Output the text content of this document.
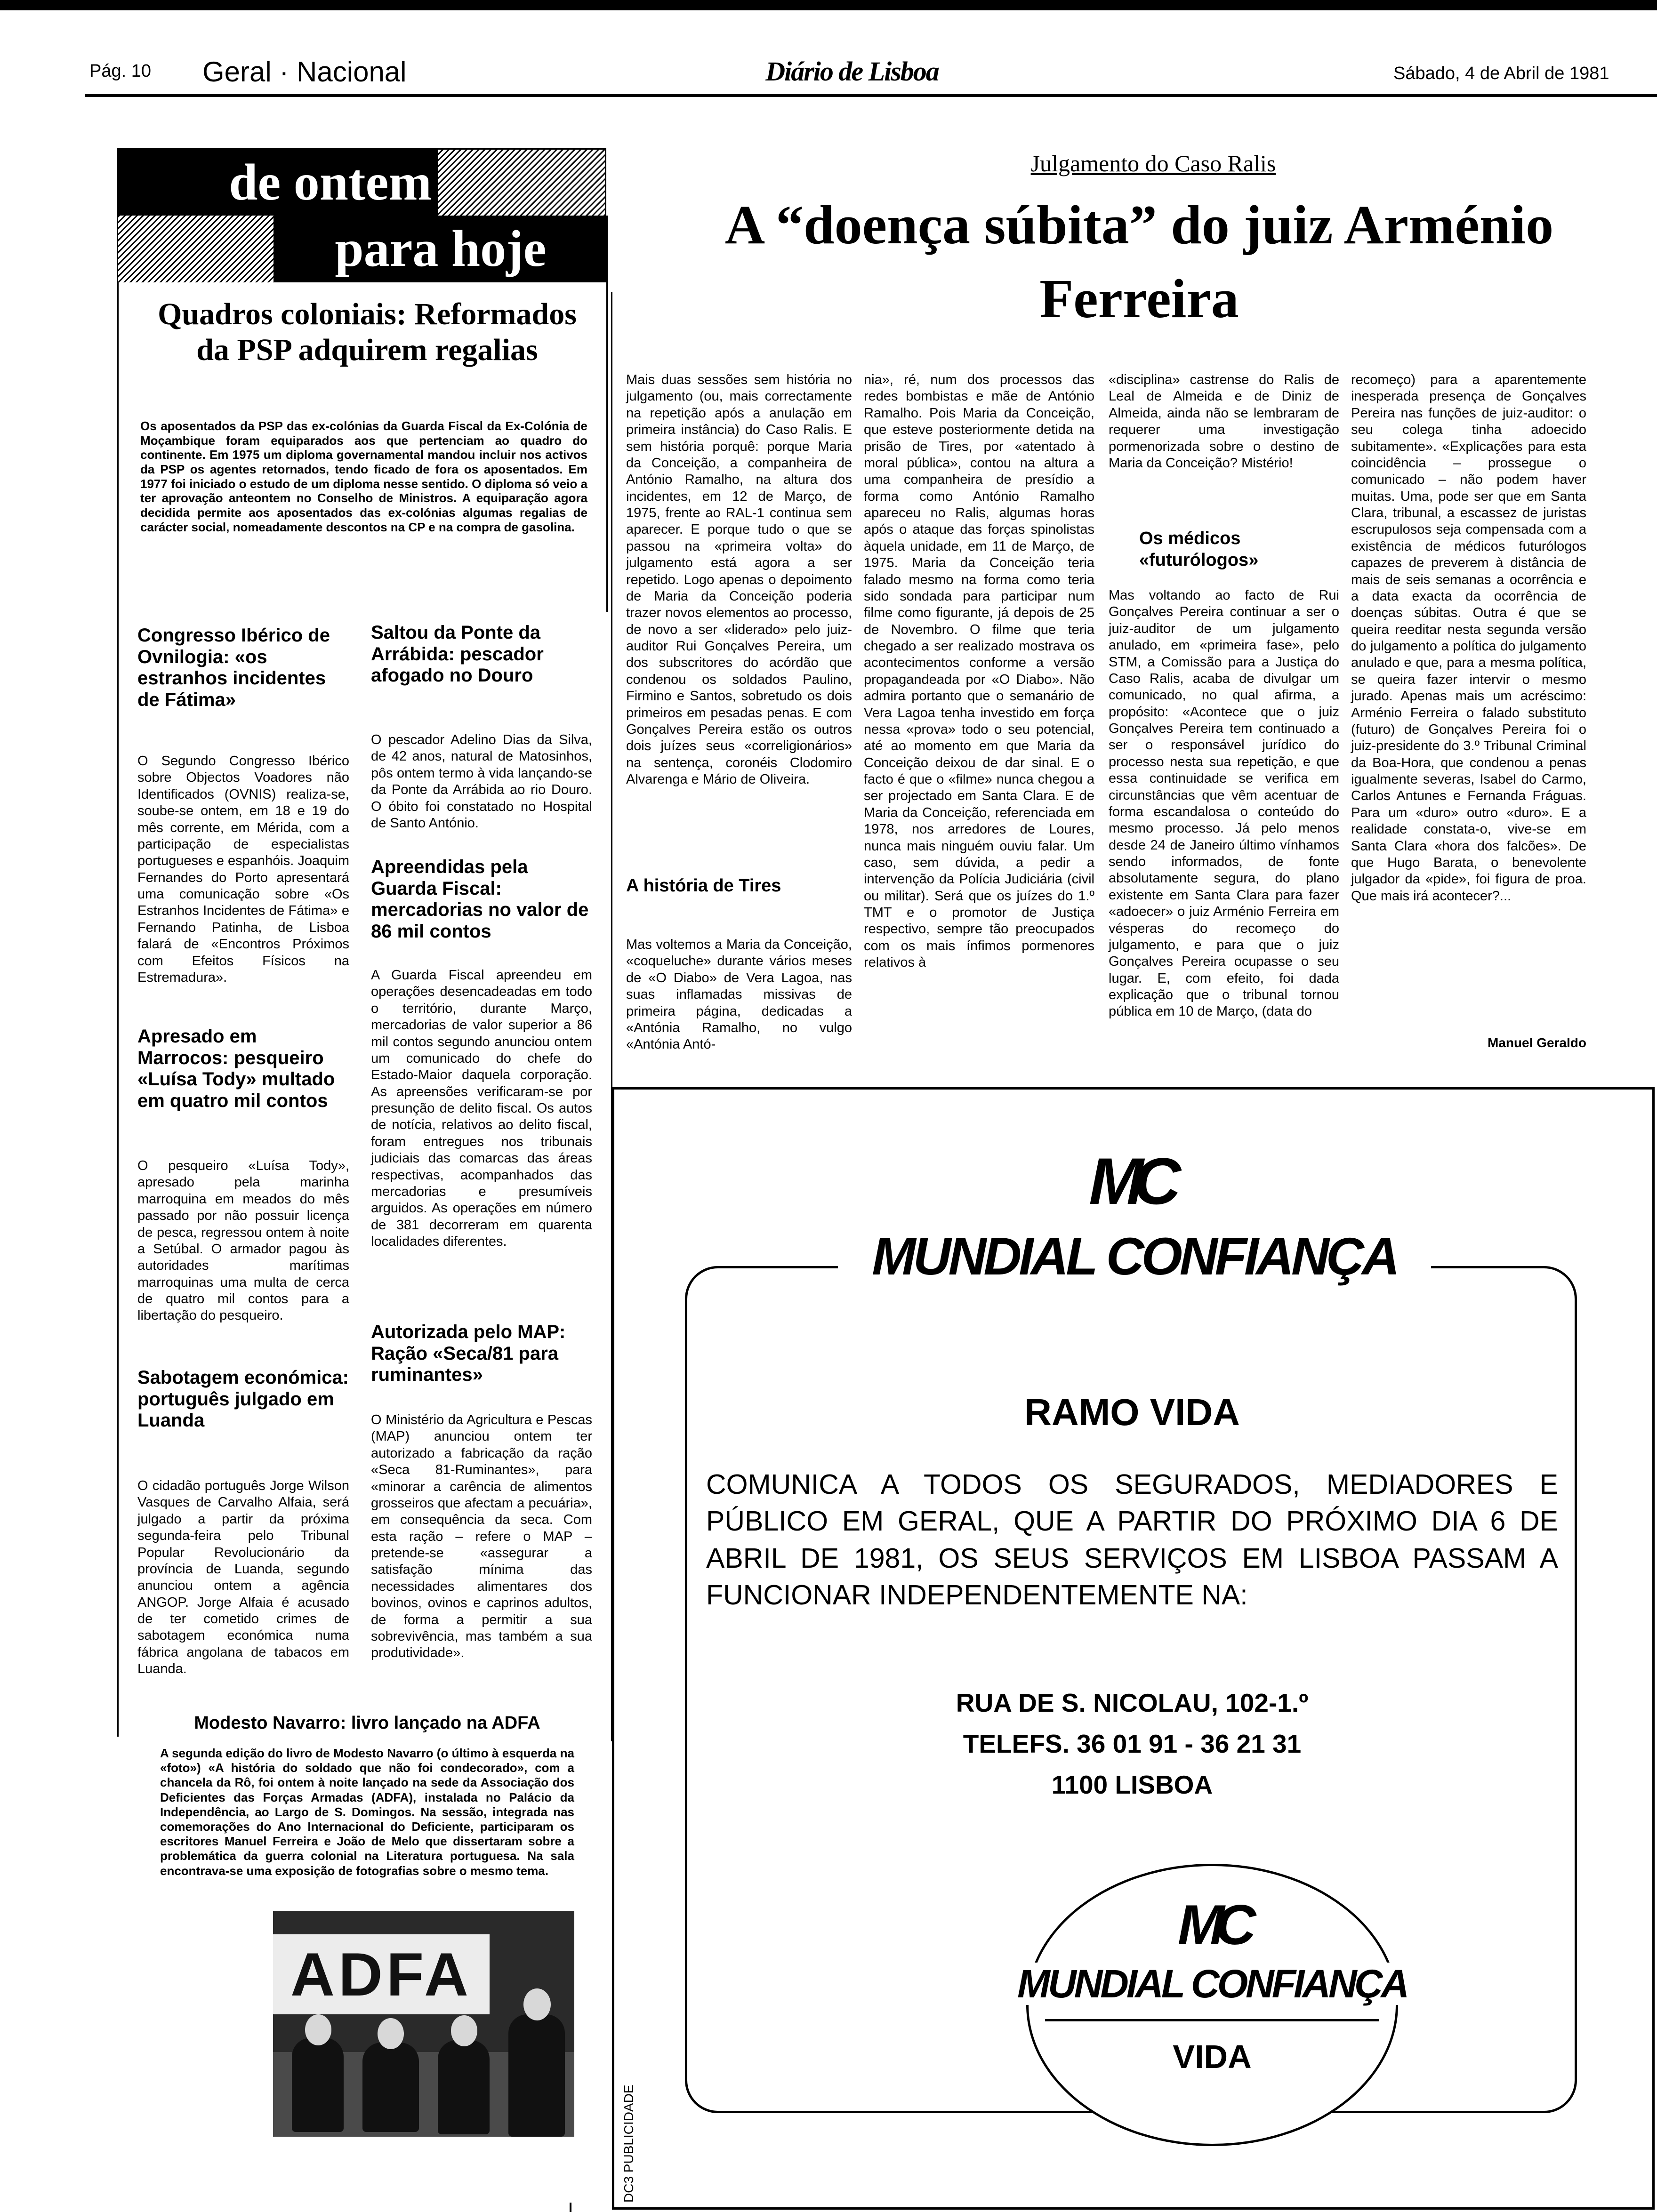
Pág. 10 Geral · Nacional	Diário de Lisboa	Sábado, 4 de Abril de 1981
de ontem
para hoje
Quadros coloniais: Reformados da PSP adquirem regalias
Os aposentados da PSP das ex-colónias da Guarda Fiscal da Ex-Colónia de Moçambique foram equiparados aos que pertenciam ao quadro do continente. Em 1975 um diploma governamental mandou incluir nos activos da PSP os agentes retornados, tendo ficado de fora os aposentados. Em 1977 foi iniciado o estudo de um diploma nesse sentido. O diploma só veio a ter aprovação anteontem no Conselho de Ministros. A equiparação agora decidida permite aos aposentados das ex-colónias algumas regalias de carácter social, nomeadamente descontos na CP e na compra de gasolina.
Congresso Ibérico de Ovnilogia: «os estranhos incidentes de Fátima»
O Segundo Congresso Ibérico sobre Objectos Voadores não Identificados (OVNIS) realiza-se, soube-se ontem, em 18 e 19 do mês corrente, em Mérida, com a participação de especialistas portugueses e espanhóis. Joaquim Fernandes do Porto apresentará uma comunicação sobre «Os Estranhos Incidentes de Fátima» e Fernando Patinha, de Lisboa falará de «Encontros Próximos com Efeitos Físicos na Estremadura».
Apresado em Marrocos: pesqueiro «Luísa Tody» multado em quatro mil contos
O pesqueiro «Luísa Tody», apresado pela marinha marroquina em meados do mês passado por não possuir licença de pesca, regressou ontem à noite a Setúbal. O armador pagou às autoridades marítimas marroquinas uma multa de cerca de quatro mil contos para a libertação do pesqueiro.
Sabotagem económica: português julgado em Luanda
O cidadão português Jorge Wilson Vasques de Carvalho Alfaia, será julgado a partir da próxima segunda-feira pelo Tribunal Popular Revolucionário da província de Luanda, segundo anunciou ontem a agência ANGOP. Jorge Alfaia é acusado de ter cometido crimes de sabotagem económica numa fábrica angolana de tabacos em Luanda.
Saltou da Ponte da Arrábida: pescador afogado no Douro
O pescador Adelino Dias da Silva, de 42 anos, natural de Matosinhos, pôs ontem termo à vida lançando-se da Ponte da Arrábida ao rio Douro. O óbito foi constatado no Hospital de Santo António.
Apreendidas pela Guarda Fiscal: mercadorias no valor de 86 mil contos
A Guarda Fiscal apreendeu em operações desencadeadas em todo o território, durante Março, mercadorias de valor superior a 86 mil contos segundo anunciou ontem um comunicado do chefe do Estado-Maior daquela corporação. As apreensões verificaram-se por presunção de delito fiscal. Os autos de notícia, relativos ao delito fiscal, foram entregues nos tribunais judiciais das comarcas das áreas respectivas, acompanhados das mercadorias e presumíveis arguidos. As operações em número de 381 decorreram em quarenta localidades diferentes.
Autorizada pelo MAP: Ração «Seca/81 para ruminantes»
O Ministério da Agricultura e Pescas (MAP) anunciou ontem ter autorizado a fabricação da ração «Seca 81-Ruminantes», para «minorar a carência de alimentos grosseiros que afectam a pecuária», em consequência da seca. Com esta ração – refere o MAP – pretende-se «assegurar a satisfação mínima das necessidades alimentares dos bovinos, ovinos e caprinos adultos, de forma a permitir a sua sobrevivência, mas também a sua produtividade».
Modesto Navarro: livro lançado na ADFA
A segunda edição do livro de Modesto Navarro (o último à esquerda na «foto») «A história do soldado que não foi condecorado», com a chancela da Rô, foi ontem à noite lançado na sede da Associação dos Deficientes das Forças Armadas (ADFA), instalada no Palácio da Independência, ao Largo de S. Domingos. Na sessão, integrada nas comemorações do Ano Internacional do Deficiente, participaram os escritores Manuel Ferreira e João de Melo que dissertaram sobre a problemática da guerra colonial na Literatura portuguesa. Na sala encontrava-se uma exposição de fotografias sobre o mesmo tema.
ADFA
Julgamento do Caso Ralis
A “doença súbita” do juiz Arménio Ferreira
Mais duas sessões sem história no julgamento (ou, mais correctamente na repetição após a anulação em primeira instância) do Caso Ralis. E sem história porquê: porque Maria da Conceição, a companheira de António Ramalho, na altura dos incidentes, em 12 de Março, de 1975, frente ao RAL-1 continua sem aparecer. E porque tudo o que se passou na «primeira volta» do julgamento está agora a ser repetido. Logo apenas o depoimento de Maria da Conceição poderia trazer novos elementos ao processo, de novo a ser «liderado» pelo juiz-auditor Rui Gonçalves Pereira, um dos subscritores do acórdão que condenou os soldados Paulino, Firmino e Santos, sobretudo os dois primeiros em pesadas penas. E com Gonçalves Pereira estão os outros dois juízes seus «correligionários» na sentença, coronéis Clodomiro Alvarenga e Mário de Oliveira.
A história de Tires
Mas voltemos a Maria da Conceição, «coqueluche» durante vários meses de «O Diabo» de Vera Lagoa, nas suas inflamadas missivas de primeira página, dedicadas a «Antónia Ramalho, no vulgo «Antónia Antó-
nia», ré, num dos processos das redes bombistas e mãe de António Ramalho. Pois Maria da Conceição, que esteve posteriormente detida na prisão de Tires, por «atentado à moral pública», contou na altura a uma companheira de presídio a forma como António Ramalho apareceu no Ralis, algumas horas após o ataque das forças spinolistas àquela unidade, em 11 de Março, de 1975. Maria da Conceição teria falado mesmo na forma como teria sido sondada para participar num filme como figurante, já depois de 25 de Novembro. O filme que teria chegado a ser realizado mostrava os acontecimentos conforme a versão propagandeada por «O Diabo». Não admira portanto que o semanário de Vera Lagoa tenha investido em força nessa «prova» todo o seu potencial, até ao momento em que Maria da Conceição deixou de dar sinal. E o facto é que o «filme» nunca chegou a ser projectado em Santa Clara. E de Maria da Conceição, referenciada em 1978, nos arredores de Loures, nunca mais ninguém ouviu falar. Um caso, sem dúvida, a pedir a intervenção da Polícia Judiciária (civil ou militar). Será que os juízes do 1.º TMT e o promotor de Justiça respectivo, sempre tão preocupados com os mais ínfimos pormenores relativos à
«disciplina» castrense do Ralis de Leal de Almeida e de Diniz de Almeida, ainda não se lembraram de requerer uma investigação pormenorizada sobre o destino de Maria da Conceição? Mistério!
Os médicos «futurólogos»
Mas voltando ao facto de Rui Gonçalves Pereira continuar a ser o juiz-auditor de um julgamento anulado, em «primeira fase», pelo STM, a Comissão para a Justiça do Caso Ralis, acaba de divulgar um comunicado, no qual afirma, a propósito: «Acontece que o juiz Gonçalves Pereira tem continuado a ser o responsável jurídico do processo nesta sua repetição, e que essa continuidade se verifica em circunstâncias que vêm acentuar de forma escandalosa o conteúdo do mesmo processo. Já pelo menos desde 24 de Janeiro último vínhamos sendo informados, de fonte absolutamente segura, do plano existente em Santa Clara para fazer «adoecer» o juiz Arménio Ferreira em vésperas do recomeço do julgamento, e para que o juiz Gonçalves Pereira ocupasse o seu lugar. E, com efeito, foi dada explicação que o tribunal tornou pública em 10 de Março, (data do
recomeço) para a aparentemente inesperada presença de Gonçalves Pereira nas funções de juiz-auditor: o seu colega tinha adoecido subitamente». «Explicações para esta coincidência – prossegue o comunicado – não podem haver muitas. Uma, pode ser que em Santa Clara, tribunal, a escassez de juristas escrupulosos seja compensada com a existência de médicos futurólogos capazes de preverem à distância de mais de seis semanas a ocorrência e a data exacta da ocorrência de doenças súbitas. Outra é que se queira reeditar nesta segunda versão do julgamento a política do julgamento anulado e que, para a mesma política, se queira fazer intervir o mesmo jurado. Apenas mais um acréscimo: Arménio Ferreira o falado substituto (futuro) de Gonçalves Pereira foi o juiz-presidente do 3.º Tribunal Criminal da Boa-Hora, que condenou a penas igualmente severas, Isabel do Carmo, Carlos Antunes e Fernanda Fráguas. Para um «duro» outro «duro». E a realidade constata-o, vive-se em Santa Clara «hora dos falcões». De que Hugo Barata, o benevolente julgador da «pide», foi figura de proa. Que mais irá acontecer?...
Manuel Geraldo
DC3 PUBLICIDADE
MC
MUNDIAL CONFIANÇA
RAMO VIDA
COMUNICA A TODOS OS SEGURADOS, MEDIADORES E PÚBLICO EM GERAL, QUE A PARTIR DO PRÓXIMO DIA 6 DE ABRIL DE 1981, OS SEUS SERVIÇOS EM LISBOA PASSAM A FUNCIONAR INDEPENDENTEMENTE NA:
RUA DE S. NICOLAU, 102-1.º
TELEFS. 36 01 91 - 36 21 31
1100 LISBOA
MC
MUNDIAL CONFIANÇA
VIDA
